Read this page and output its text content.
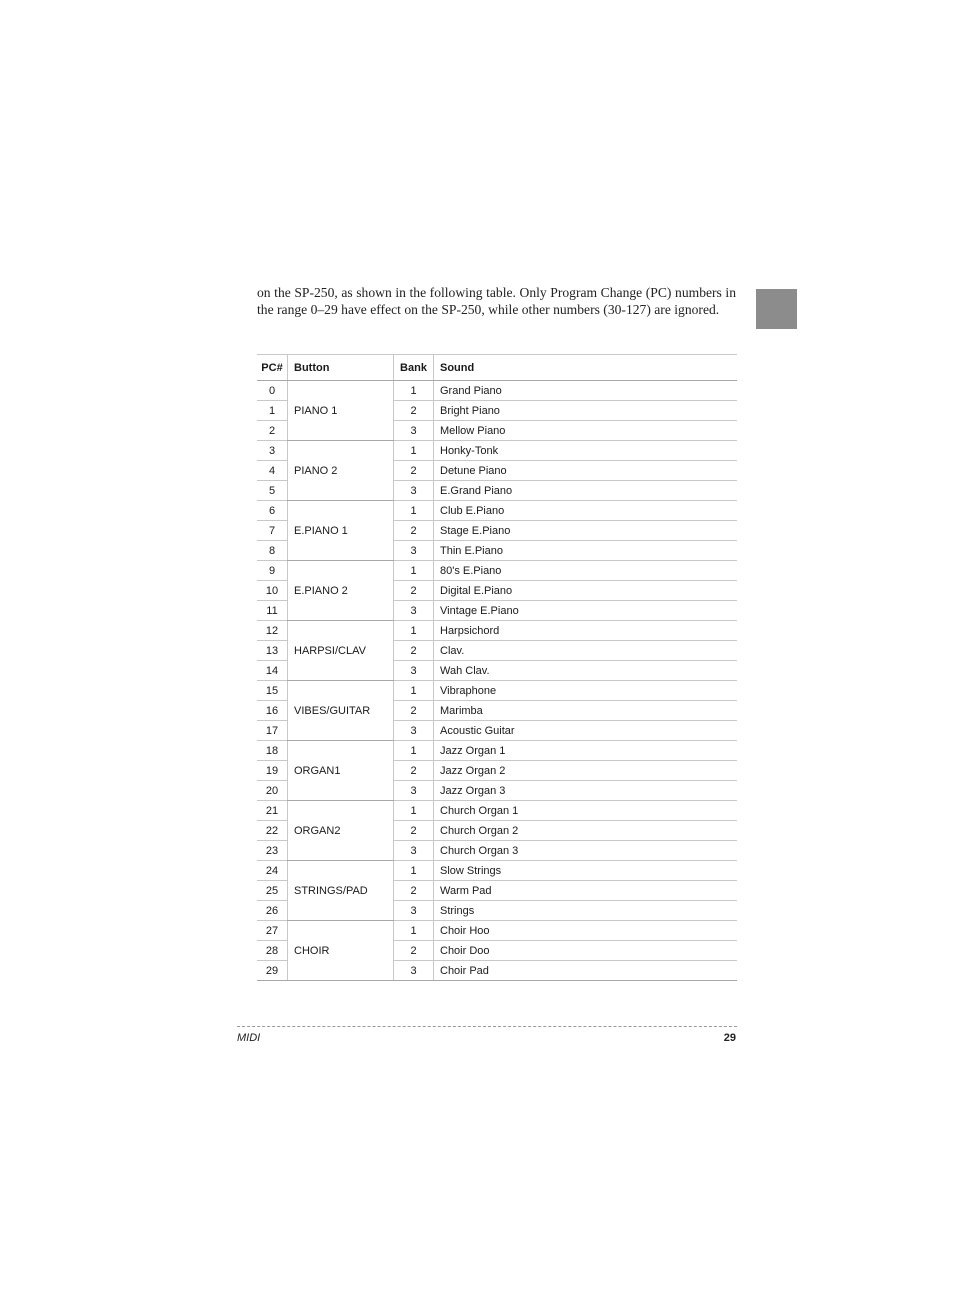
on the SP-250, as shown in the following table. Only Program Change (PC) numbers in the range 0–29 have effect on the SP-250, while other numbers (30-127) are ignored.

PC#	Button	Bank	Sound
0	PIANO 1	1	Grand Piano
1		2	Bright Piano
2		3	Mellow Piano
3	PIANO 2	1	Honky-Tonk
4		2	Detune Piano
5		3	E.Grand Piano
6	E.PIANO 1	1	Club E.Piano
7		2	Stage E.Piano
8		3	Thin E.Piano
9	E.PIANO 2	1	80's E.Piano
10		2	Digital E.Piano
11		3	Vintage E.Piano
12	HARPSI/CLAV	1	Harpsichord
13		2	Clav.
14		3	Wah Clav.
15	VIBES/GUITAR	1	Vibraphone
16		2	Marimba
17		3	Acoustic Guitar
18	ORGAN1	1	Jazz Organ 1
19		2	Jazz Organ 2
20		3	Jazz Organ 3
21	ORGAN2	1	Church Organ 1
22		2	Church Organ 2
23		3	Church Organ 3
24	STRINGS/PAD	1	Slow Strings
25		2	Warm Pad
26		3	Strings
27	CHOIR	1	Choir Hoo
28		2	Choir Doo
29		3	Choir Pad
MIDI	29
